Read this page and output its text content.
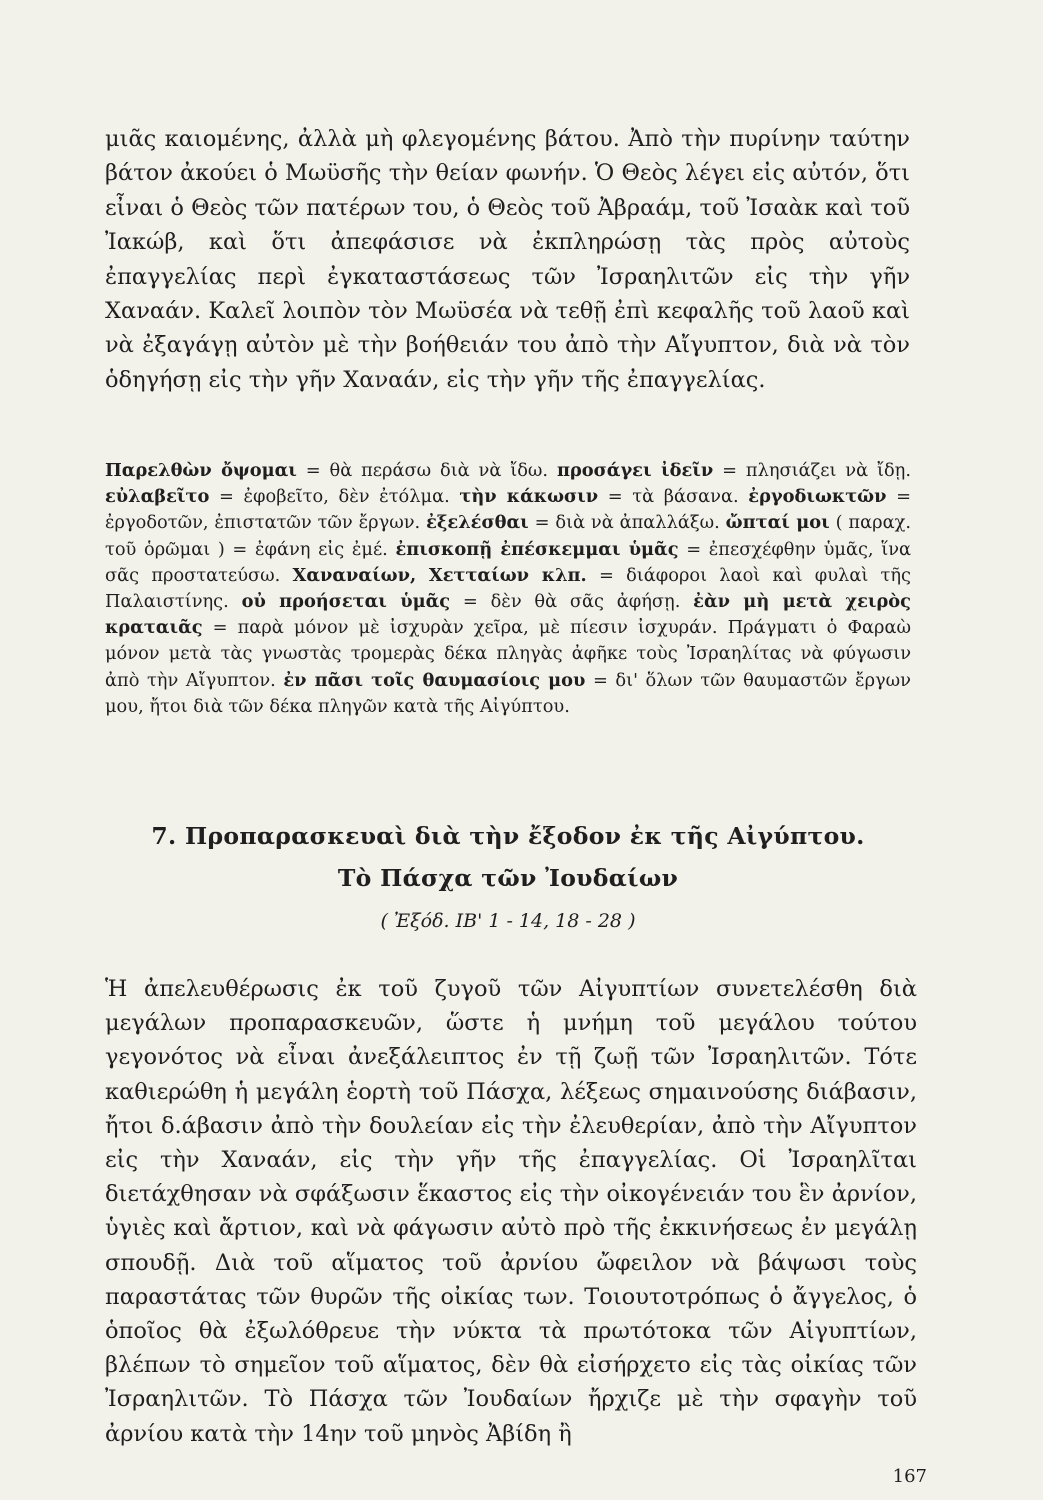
μιᾶς καιομένης, ἀλλὰ μὴ φλεγομένης βάτου. Ἀπὸ τὴν πυρίνην ταύτην βάτον ἀκούει ὁ Μωϋσῆς τὴν θείαν φωνήν. Ὁ Θεὸς λέγει εἰς αὐτόν, ὅτι εἶναι ὁ Θεὸς τῶν πατέρων του, ὁ Θεὸς τοῦ Ἀβραάμ, τοῦ Ἰσαὰκ καὶ τοῦ Ἰακώβ, καὶ ὅτι ἀπεφάσισε νὰ ἐκπληρώσῃ τὰς πρὸς αὐτοὺς ἐπαγγελίας περὶ ἐγκαταστάσεως τῶν Ἰσραηλιτῶν εἰς τὴν γῆν Χαναάν. Καλεῖ λοιπὸν τὸν Μωϋσέα νὰ τεθῇ ἐπὶ κεφαλῆς τοῦ λαοῦ καὶ νὰ ἐξαγάγῃ αὐτὸν μὲ τὴν βοήθειάν του ἀπὸ τὴν Αἴγυπτον, διὰ νὰ τὸν ὁδηγήσῃ εἰς τὴν γῆν Χαναάν, εἰς τὴν γῆν τῆς ἐπαγγελίας.
Παρελθὼν ὄψομαι = θὰ περάσω διὰ νὰ ἴδω. προσάγει ἰδεῖν = πλησιάζει νὰ ἴδῃ. εὐλαβεῖτο = ἐφοβεῖτο, δὲν ἐτόλμα. τὴν κάκωσιν = τὰ βάσανα. ἐργοδιωκτῶν = ἐργοδοτῶν, ἐπιστατῶν τῶν ἔργων. ἐξελέσθαι = διὰ νὰ ἀπαλλάξω. ὤπταί μοι ( παραχ. τοῦ ὁρῶμαι ) = ἐφάνη εἰς ἐμέ. ἐπισκοπῇ ἐπέσκεμμαι ὑμᾶς = ἐπεσχέφθην ὑμᾶς, ἵνα σᾶς προστατεύσω. Χαναναίων, Χετταίων κλπ. = διάφοροι λαοὶ καὶ φυλαὶ τῆς Παλαιστίνης. οὐ προήσεται ὑμᾶς = δὲν θὰ σᾶς ἀφήσῃ. ἐὰν μὴ μετὰ χειρὸς κραταιᾶς = παρὰ μόνον μὲ ἰσχυρὰν χεῖρα, μὲ πίεσιν ἰσχυράν. Πράγματι ὁ Φαραὼ μόνον μετὰ τὰς γνωστὰς τρομερὰς δέκα πληγὰς ἀφῆκε τοὺς Ἰσραηλίτας νὰ φύγωσιν ἀπὸ τὴν Αἴγυπτον. ἐν πᾶσι τοῖς θαυμασίοις μου = δι' ὅλων τῶν θαυμαστῶν ἔργων μου, ἤτοι διὰ τῶν δέκα πληγῶν κατὰ τῆς Αἰγύπτου.
7. Προπαρασκευαὶ διὰ τὴν ἔξοδον ἐκ τῆς Αἰγύπτου.
Τὸ Πάσχα τῶν Ἰουδαίων
( Ἐξόδ. ΙΒ' 1 - 14, 18 - 28 )
Ἡ ἀπελευθέρωσις ἐκ τοῦ ζυγοῦ τῶν Αἰγυπτίων συνετελέσθη διὰ μεγάλων προπαρασκευῶν, ὥστε ἡ μνήμη τοῦ μεγάλου τούτου γεγονότος νὰ εἶναι ἀνεξάλειπτος ἐν τῇ ζωῇ τῶν Ἰσραηλιτῶν. Τότε καθιερώθη ἡ μεγάλη ἑορτὴ τοῦ Πάσχα, λέξεως σημαινούσης διάβασιν, ἤτοι δ.άβασιν ἀπὸ τὴν δουλείαν εἰς τὴν ἐλευθερίαν, ἀπὸ τὴν Αἴγυπτον εἰς τὴν Χαναάν, εἰς τὴν γῆν τῆς ἐπαγγελίας. Οἱ Ἰσραηλῖται διετάχθησαν νὰ σφάξωσιν ἕκαστος εἰς τὴν οἰκογένειάν του ἓν ἀρνίον, ὑγιὲς καὶ ἄρτιον, καὶ νὰ φάγωσιν αὐτὸ πρὸ τῆς ἐκκινήσεως ἐν μεγάλῃ σπουδῇ. Διὰ τοῦ αἵματος τοῦ ἀρνίου ὤφειλον νὰ βάψωσι τοὺς παραστάτας τῶν θυρῶν τῆς οἰκίας των. Τοιουτοτρόπως ὁ ἄγγελος, ὁ ὁποῖος θὰ ἐξωλόθρευε τὴν νύκτα τὰ πρωτότοκα τῶν Αἰγυπτίων, βλέπων τὸ σημεῖον τοῦ αἵματος, δὲν θὰ εἰσήρχετο εἰς τὰς οἰκίας τῶν Ἰσραηλιτῶν. Τὸ Πάσχα τῶν Ἰουδαίων ἤρχιζε μὲ τὴν σφαγὴν τοῦ ἀρνίου κατὰ τὴν 14ην τοῦ μηνὸς Ἀβίδη ἢ
167
